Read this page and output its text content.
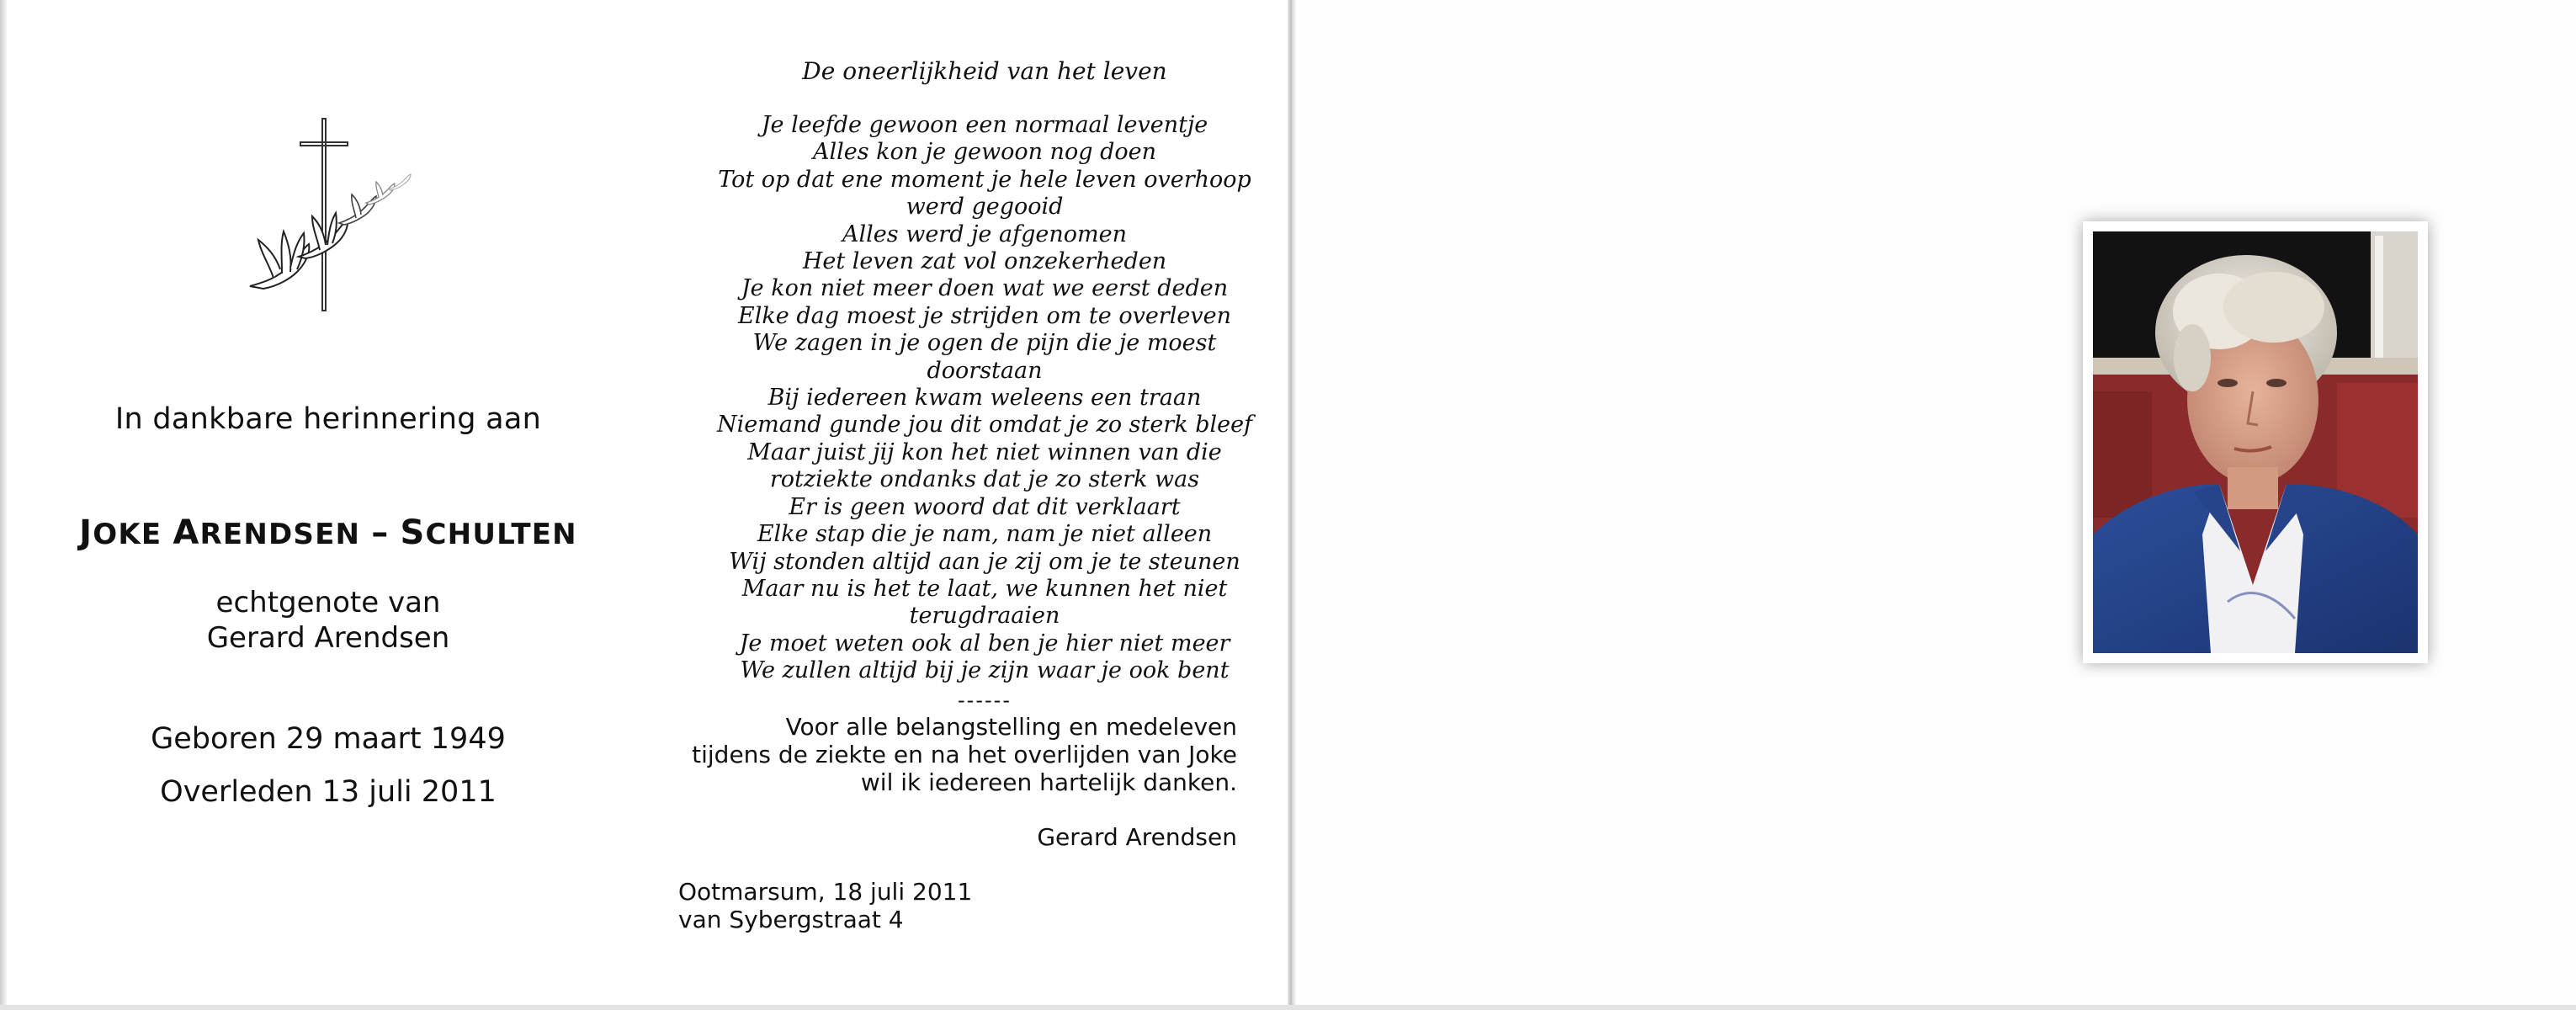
In dankbare herinnering aan
JOKE ARENDSEN – SCHULTEN
echtgenote van
Gerard Arendsen
Geboren 29 maart 1949
Overleden 13 juli 2011
De oneerlijkheid van het leven
Je leefde gewoon een normaal leventje
Alles kon je gewoon nog doen
Tot op dat ene moment je hele leven overhoop
werd gegooid
Alles werd je afgenomen
Het leven zat vol onzekerheden
Je kon niet meer doen wat we eerst deden
Elke dag moest je strijden om te overleven
We zagen in je ogen de pijn die je moest
doorstaan
Bij iedereen kwam weleens een traan
Niemand gunde jou dit omdat je zo sterk bleef
Maar juist jij kon het niet winnen van die
rotziekte ondanks dat je zo sterk was
Er is geen woord dat dit verklaart
Elke stap die je nam, nam je niet alleen
Wij stonden altijd aan je zij om je te steunen
Maar nu is het te laat, we kunnen het niet
terugdraaien
Je moet weten ook al ben je hier niet meer
We zullen altijd bij je zijn waar je ook bent
------
Voor alle belangstelling en medeleven
tijdens de ziekte en na het overlijden van Joke
wil ik iedereen hartelijk danken.
Gerard Arendsen
Ootmarsum, 18 juli 2011
van Sybergstraat 4
